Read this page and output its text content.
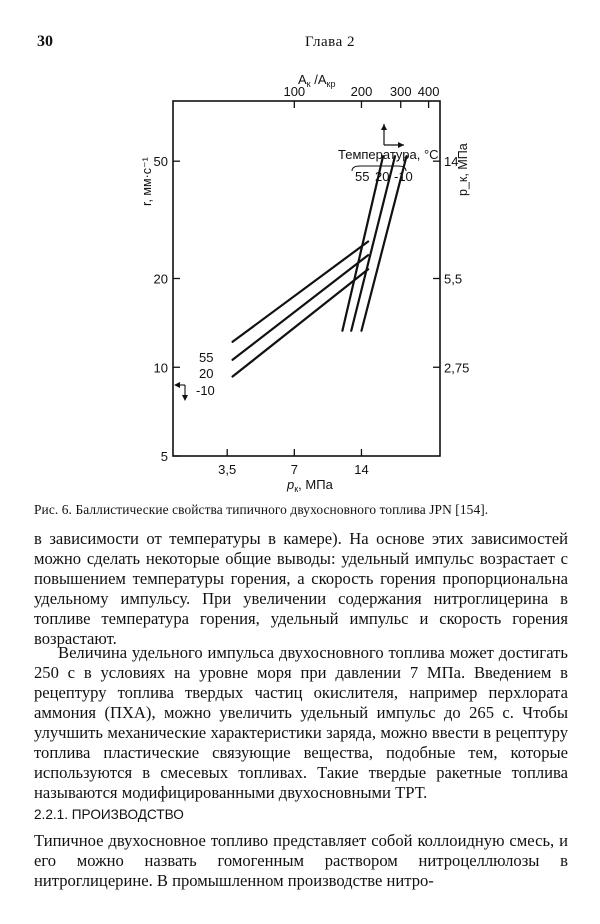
30	Глава 2
3,5	7	14
100	200 300 400
5
10
20
50
2,75
5,5
14
$A_к$ $/A_{кр}$
r, мм·с⁻¹	p_к, МПа
$p_к$, МПа
Температура, °C
55 20 -10
55
20
-10
Рис. 6. Баллистические свойства типичного двухосновного топлива JPN [154].

в зависимости от температуры в камере). На основе этих зависимостей можно сделать некоторые общие выводы: удельный импульс возрастает с повышением температуры горения, а скорость горения пропорциональна удельному импульсу. При увеличении содержания нитроглицерина в топливе температура горения, удельный импульс и скорость горения возрастают.

Величина удельного импульса двухосновного топлива может достигать 250 с в условиях на уровне моря при давлении 7 МПа. Введением в рецептуру топлива твердых частиц окислителя, например перхлората аммония (ПХА), можно увеличить удельный импульс до 265 с. Чтобы улучшить механические характеристики заряда, можно ввести в рецептуру топлива пластические связующие вещества, подобные тем, которые используются в смесевых топливах. Такие твердые ракетные топлива называются модифицированными двухосновными ТРТ.

2.2.1. ПРОИЗВОДСТВО

Типичное двухосновное топливо представляет собой коллоидную смесь, и его можно назвать гомогенным раствором нитроцеллюлозы в нитроглицерине. В промышленном производстве нитро-
